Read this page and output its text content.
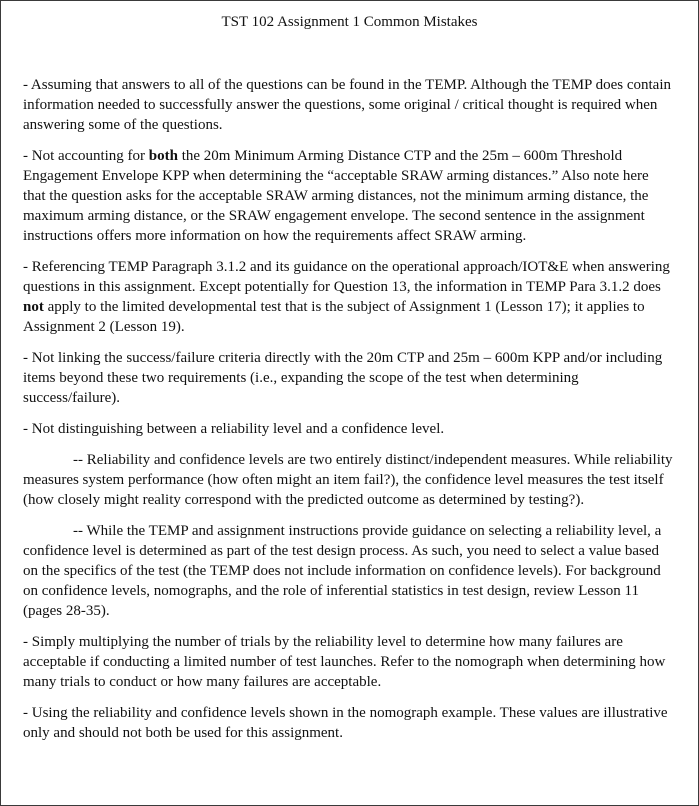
TST 102 Assignment 1 Common Mistakes

- Assuming that answers to all of the questions can be found in the TEMP. Although the TEMP does contain information needed to successfully answer the questions, some original / critical thought is required when answering some of the questions.

- Not accounting for both the 20m Minimum Arming Distance CTP and the 25m – 600m Threshold Engagement Envelope KPP when determining the “acceptable SRAW arming distances.” Also note here that the question asks for the acceptable SRAW arming distances, not the minimum arming distance, the maximum arming distance, or the SRAW engagement envelope. The second sentence in the assignment instructions offers more information on how the requirements affect SRAW arming.

- Referencing TEMP Paragraph 3.1.2 and its guidance on the operational approach/IOT&E when answering questions in this assignment. Except potentially for Question 13, the information in TEMP Para 3.1.2 does not apply to the limited developmental test that is the subject of Assignment 1 (Lesson 17); it applies to Assignment 2 (Lesson 19).

- Not linking the success/failure criteria directly with the 20m CTP and 25m – 600m KPP and/or including items beyond these two requirements (i.e., expanding the scope of the test when determining success/failure).

- Not distinguishing between a reliability level and a confidence level.

-- Reliability and confidence levels are two entirely distinct/independent measures. While reliability measures system performance (how often might an item fail?), the confidence level measures the test itself (how closely might reality correspond with the predicted outcome as determined by testing?).

-- While the TEMP and assignment instructions provide guidance on selecting a reliability level, a confidence level is determined as part of the test design process. As such, you need to select a value based on the specifics of the test (the TEMP does not include information on confidence levels). For background on confidence levels, nomographs, and the role of inferential statistics in test design, review Lesson 11 (pages 28-35).

- Simply multiplying the number of trials by the reliability level to determine how many failures are acceptable if conducting a limited number of test launches. Refer to the nomograph when determining how many trials to conduct or how many failures are acceptable.

- Using the reliability and confidence levels shown in the nomograph example. These values are illustrative only and should not both be used for this assignment.
